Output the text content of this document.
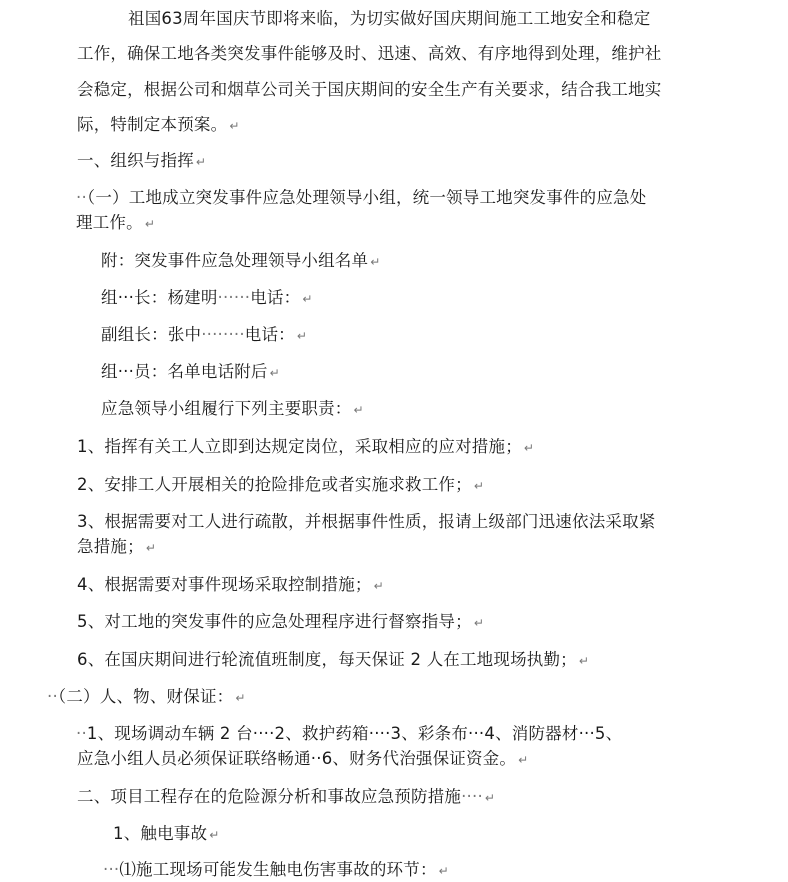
祖国63周年国庆节即将来临，为切实做好国庆期间施工工地安全和稳定

工作，确保工地各类突发事件能够及时、迅速、高效、有序地得到处理，维护社

会稳定，根据公司和烟草公司关于国庆期间的安全生产有关要求，结合我工地实

际，特制定本预案。 ↵

一、组织与指挥 ↵

··（一）工地成立突发事件应急处理领导小组，统一领导工地突发事件的应急处

理工作。 ↵

附：突发事件应急处理领导小组名单 ↵

组···长：杨建明······电话： ↵

副组长：张中········电话： ↵

组···员：名单电话附后 ↵

应急领导小组履行下列主要职责： ↵

1、指挥有关工人立即到达规定岗位，采取相应的应对措施； ↵

2、安排工人开展相关的抢险排危或者实施求救工作； ↵

3、根据需要对工人进行疏散，并根据事件性质，报请上级部门迅速依法采取紧

急措施； ↵

4、根据需要对事件现场采取控制措施； ↵

5、对工地的突发事件的应急处理程序进行督察指导； ↵

6、在国庆期间进行轮流值班制度，每天保证 2 人在工地现场执勤； ↵

··（二）人、物、财保证： ↵

··1、现场调动车辆 2 台····2、救护药箱····3、彩条布···4、消防器材···5、

应急小组人员必须保证联络畅通··6、财务代治强保证资金。 ↵

二、项目工程存在的危险源分析和事故应急预防措施···· ↵

1、触电事故 ↵

···⑴施工现场可能发生触电伤害事故的环节： ↵
